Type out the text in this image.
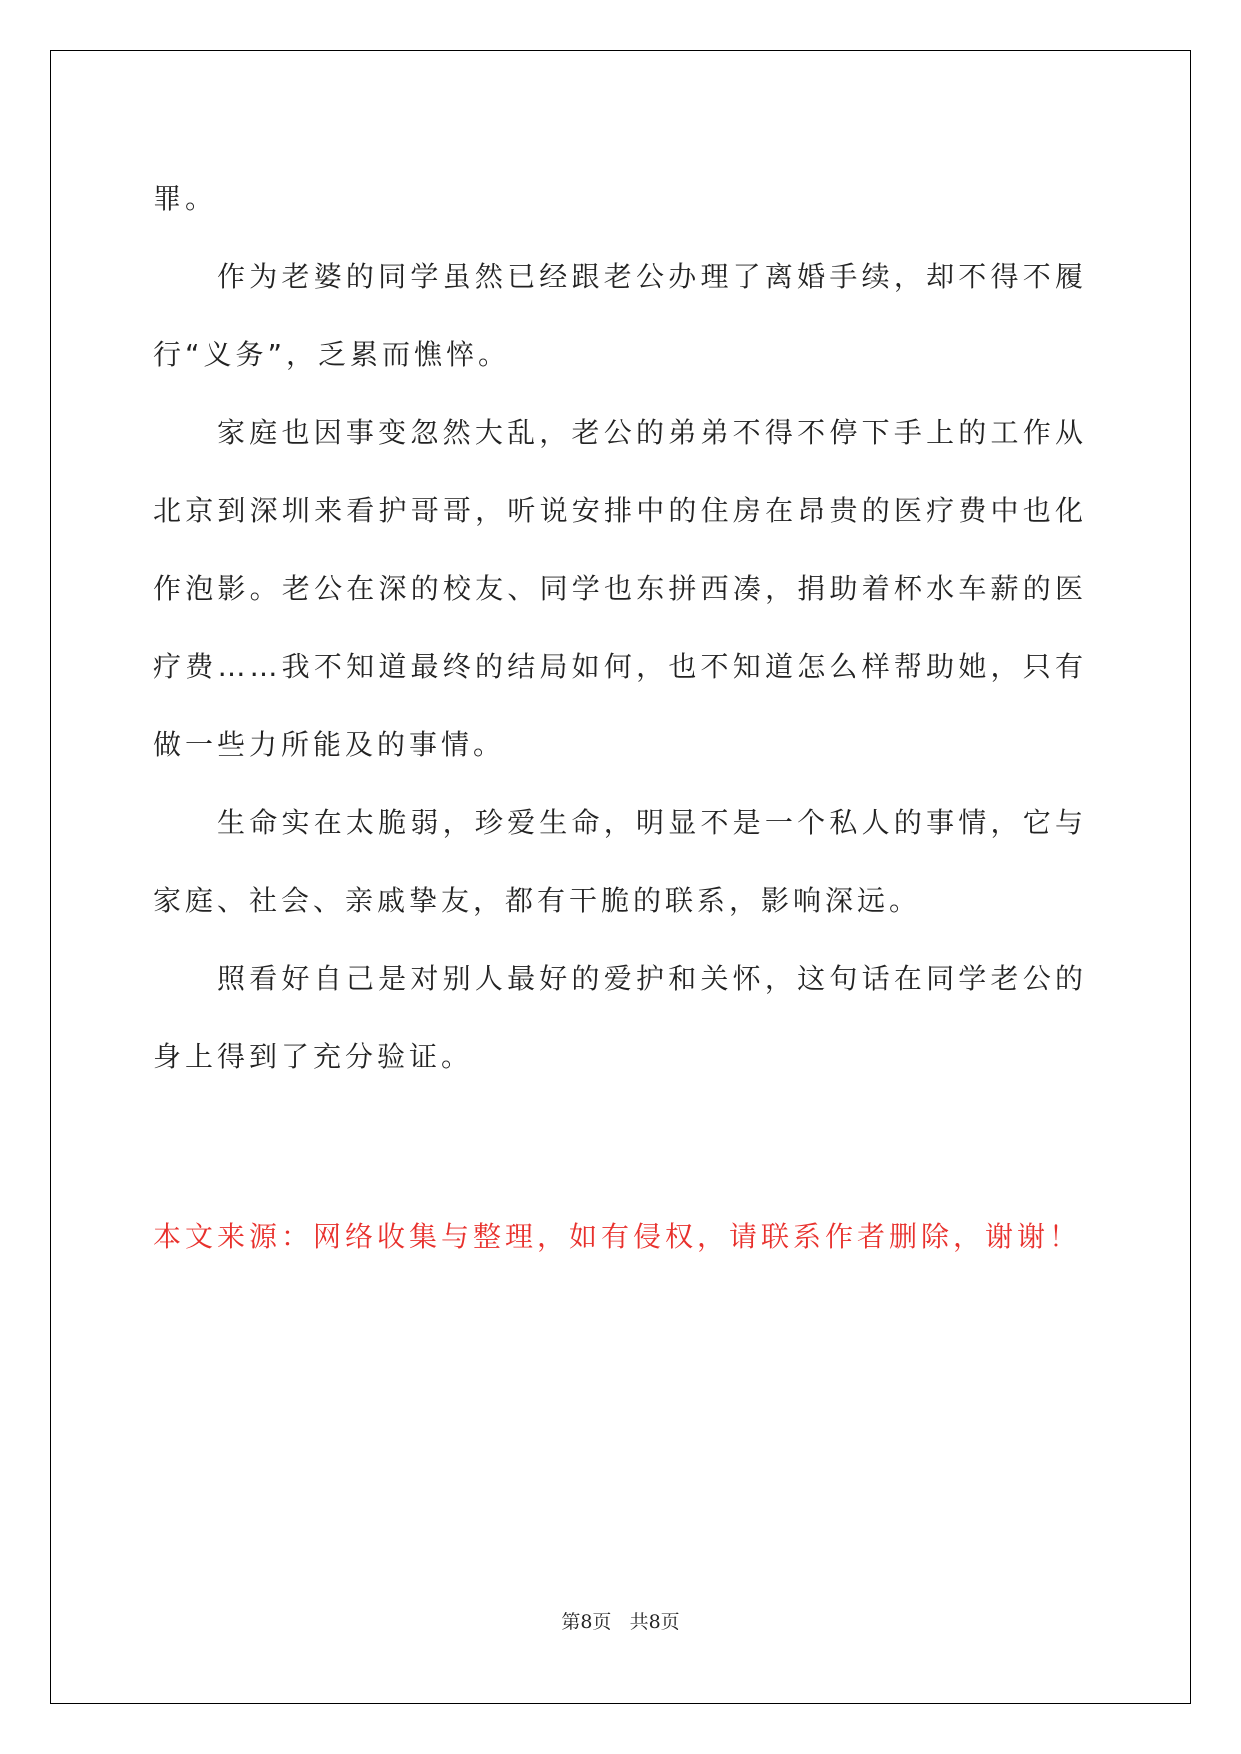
罪。

作为老婆的同学虽然已经跟老公办理了离婚手续，却不得不履行“义务”，乏累而憔悴。

家庭也因事变忽然大乱，老公的弟弟不得不停下手上的工作从北京到深圳来看护哥哥，听说安排中的住房在昂贵的医疗费中也化作泡影。老公在深的校友、同学也东拼西凑，捐助着杯水车薪的医疗费……我不知道最终的结局如何，也不知道怎么样帮助她，只有做一些力所能及的事情。

生命实在太脆弱，珍爱生命，明显不是一个私人的事情，它与家庭、社会、亲戚挚友，都有干脆的联系，影响深远。

照看好自己是对别人最好的爱护和关怀，这句话在同学老公的身上得到了充分验证。

本文来源：网络收集与整理，如有侵权，请联系作者删除，谢谢！

第8页 共8页
